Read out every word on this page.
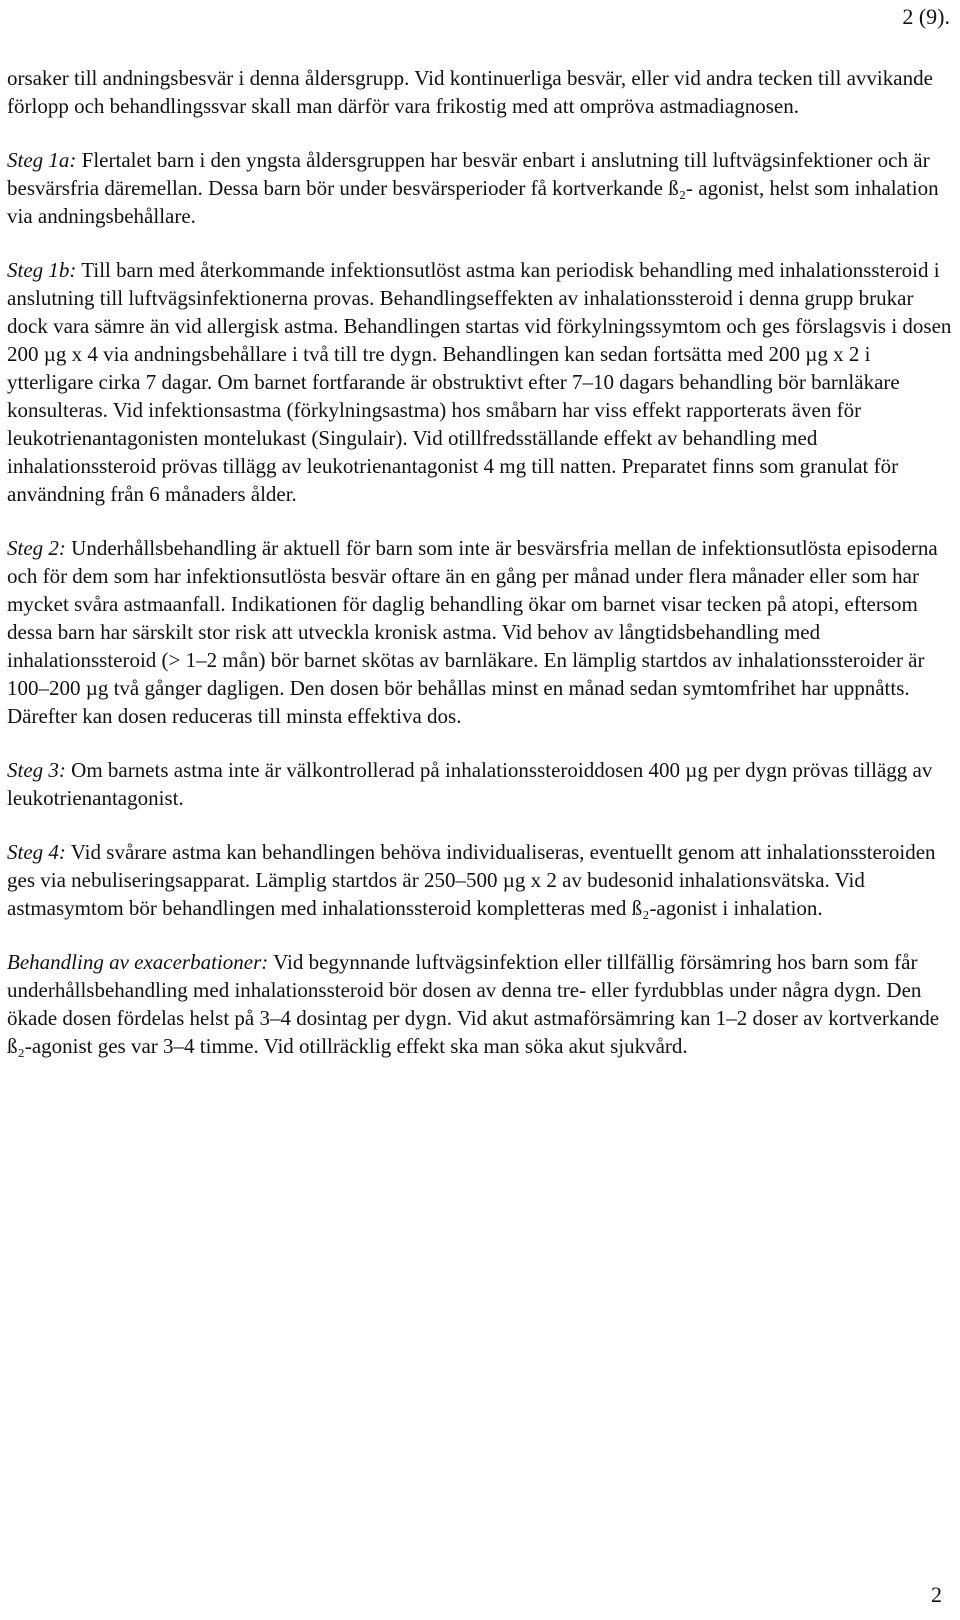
2 (9).

orsaker till andningsbesvär i denna åldersgrupp. Vid kontinuerliga besvär, eller vid andra tecken till avvikande förlopp och behandlingssvar skall man därför vara frikostig med att ompröva astmadiagnosen.

Steg 1a: Flertalet barn i den yngsta åldersgruppen har besvär enbart i anslutning till luftvägsinfektioner och är besvärsfria däremellan. Dessa barn bör under besvärsperioder få kortverkande ß₂- agonist, helst som inhalation via andningsbehållare.

Steg 1b: Till barn med återkommande infektionsutlöst astma kan periodisk behandling med inhalationssteroid i anslutning till luftvägsinfektionerna provas. Behandlingseffekten av inhalationssteroid i denna grupp brukar dock vara sämre än vid allergisk astma. Behandlingen startas vid förkylningssymtom och ges förslagsvis i dosen 200 µg x 4 via andningsbehållare i två till tre dygn. Behandlingen kan sedan fortsätta med 200 µg x 2 i ytterligare cirka 7 dagar. Om barnet fortfarande är obstruktivt efter 7–10 dagars behandling bör barnläkare konsulteras. Vid infektionsastma (förkylningsastma) hos småbarn har viss effekt rapporterats även för leukotrienantagonisten montelukast (Singulair). Vid otillfredsställande effekt av behandling med inhalationssteroid prövas tillägg av leukotrienantagonist 4 mg till natten. Preparatet finns som granulat för användning från 6 månaders ålder.

Steg 2: Underhållsbehandling är aktuell för barn som inte är besvärsfria mellan de infektionsutlösta episoderna och för dem som har infektionsutlösta besvär oftare än en gång per månad under flera månader eller som har mycket svåra astmaanfall. Indikationen för daglig behandling ökar om barnet visar tecken på atopi, eftersom dessa barn har särskilt stor risk att utveckla kronisk astma. Vid behov av långtidsbehandling med inhalationssteroid (> 1–2 mån) bör barnet skötas av barnläkare. En lämplig startdos av inhalationssteroider är 100–200 µg två gånger dagligen. Den dosen bör behållas minst en månad sedan symtomfrihet har uppnåtts. Därefter kan dosen reduceras till minsta effektiva dos.

Steg 3: Om barnets astma inte är välkontrollerad på inhalationssteroiddosen 400 µg per dygn prövas tillägg av leukotrienantagonist.

Steg 4: Vid svårare astma kan behandlingen behöva individualiseras, eventuellt genom att inhalationssteroiden ges via nebuliseringsapparat. Lämplig startdos är 250–500 µg x 2 av budesonid inhalationsvätska. Vid astmasymtom bör behandlingen med inhalationssteroid kompletteras med ß₂-agonist i inhalation.

Behandling av exacerbationer: Vid begynnande luftvägsinfektion eller tillfällig försämring hos barn som får underhållsbehandling med inhalationssteroid bör dosen av denna tre- eller fyrdubblas under några dygn. Den ökade dosen fördelas helst på 3–4 dosintag per dygn. Vid akut astmaförsämring kan 1–2 doser av kortverkande ß₂-agonist ges var 3–4 timme. Vid otillräcklig effekt ska man söka akut sjukvård.

2
